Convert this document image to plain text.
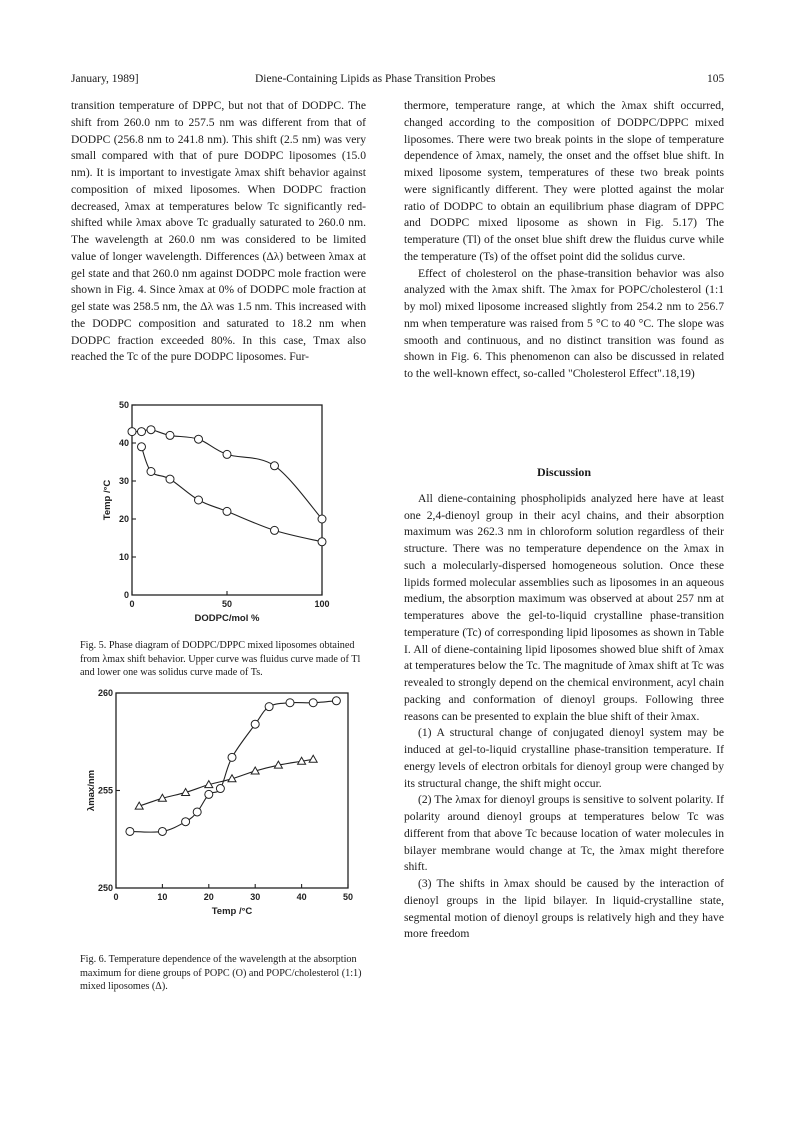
January, 1989]	Diene-Containing Lipids as Phase Transition Probes	105

transition temperature of DPPC, but not that of DODPC. The shift from 260.0 nm to 257.5 nm was different from that of DODPC (256.8 nm to 241.8 nm). This shift (2.5 nm) was very small compared with that of pure DODPC liposomes (15.0 nm). It is important to investigate λmax shift behavior against composition of mixed liposomes. When DODPC fraction decreased, λmax at temperatures below Tc significantly red-shifted while λmax above Tc gradually saturated to 260.0 nm. The wavelength at 260.0 nm was considered to be limited value of longer wavelength. Differences (Δλ) between λmax at gel state and that 260.0 nm against DODPC mole fraction were shown in Fig. 4. Since λmax at 0% of DODPC mole fraction at gel state was 258.5 nm, the Δλ was 1.5 nm. This increased with the DODPC composition and saturated to 18.2 nm when DODPC fraction exceeded 80%. In this case, Tmax also reached the Tc of the pure DODPC liposomes. Fur-

0	50	100
10
20
30
40
50
0
DODPC/mol %
Temp /°C
Fig. 5. Phase diagram of DODPC/DPPC mixed liposomes obtained from λmax shift behavior. Upper curve was fluidus curve made of Tl and lower one was solidus curve made of Ts.
0	10	20	30	40	50
250
255
260
Temp /°C
λmax/nm
Fig. 6. Temperature dependence of the wavelength at the absorption maximum for diene groups of POPC (O) and POPC/cholesterol (1:1) mixed liposomes (Δ).

thermore, temperature range, at which the λmax shift occurred, changed according to the composition of DODPC/DPPC mixed liposomes. There were two break points in the slope of temperature dependence of λmax, namely, the onset and the offset blue shift. In mixed liposome system, temperatures of these two break points were significantly different. They were plotted against the molar ratio of DODPC to obtain an equilibrium phase diagram of DPPC and DODPC mixed liposome as shown in Fig. 5.17) The temperature (Tl) of the onset blue shift drew the fluidus curve while the temperature (Ts) of the offset point did the solidus curve.

Effect of cholesterol on the phase-transition behavior was also analyzed with the λmax shift. The λmax for POPC/cholesterol (1:1 by mol) mixed liposome increased slightly from 254.2 nm to 256.7 nm when temperature was raised from 5 °C to 40 °C. The slope was smooth and continuous, and no distinct transition was found as shown in Fig. 6. This phenomenon can also be discussed in related to the well-known effect, so-called "Cholesterol Effect".18,19)

Discussion

All diene-containing phospholipids analyzed here have at least one 2,4-dienoyl group in their acyl chains, and their absorption maximum was 262.3 nm in chloroform solution regardless of their structure. There was no temperature dependence on the λmax in such a molecularly-dispersed homogeneous solution. Once these lipids formed molecular assemblies such as liposomes in an aqueous medium, the absorption maximum was observed at about 257 nm at temperatures above the gel-to-liquid crystalline phase-transition temperature (Tc) of corresponding lipid liposomes as shown in Table I. All of diene-containing lipid liposomes showed blue shift of λmax at temperatures below the Tc. The magnitude of λmax shift at Tc was revealed to strongly depend on the chemical environment, acyl chain packing and conformation of dienoyl groups. Following three reasons can be presented to explain the blue shift of their λmax.

(1) A structural change of conjugated dienoyl system may be induced at gel-to-liquid crystalline phase-transition temperature. If energy levels of electron orbitals for dienoyl group were changed by its structural change, the shift might occur.

(2) The λmax for dienoyl groups is sensitive to solvent polarity. If polarity around dienoyl groups at temperatures below Tc was different from that above Tc because location of water molecules in bilayer membrane would change at Tc, the λmax might therefore shift.

(3) The shifts in λmax should be caused by the interaction of dienoyl groups in the lipid bilayer. In liquid-crystalline state, segmental motion of dienoyl groups is relatively high and they have more freedom
